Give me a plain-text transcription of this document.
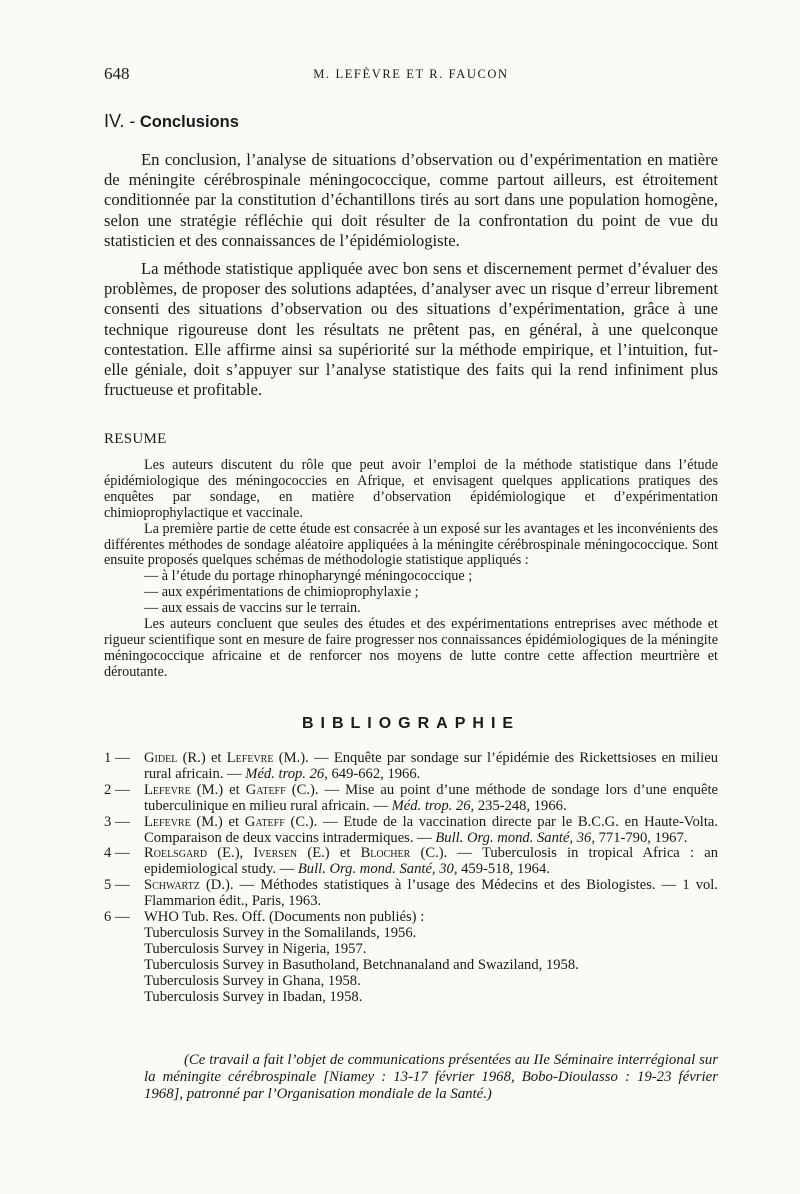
648	M. LEFÈVRE ET R. FAUCON
IV. - Conclusions

En conclusion, l’analyse de situations d’observation ou d’expérimentation en matière de méningite cérébrospinale méningococcique, comme partout ailleurs, est étroitement conditionnée par la constitution d’échantillons tirés au sort dans une population homogène, selon une stratégie réfléchie qui doit résulter de la confrontation du point de vue du statisticien et des connaissances de l’épidémiologiste.

La méthode statistique appliquée avec bon sens et discernement permet d’évaluer des problèmes, de proposer des solutions adaptées, d’analyser avec un risque d’erreur librement consenti des situations d’observation ou des situations d’expérimentation, grâce à une technique rigoureuse dont les résultats ne prêtent pas, en général, à une quelconque contestation. Elle affirme ainsi sa supériorité sur la méthode empirique, et l’intuition, fut-elle géniale, doit s’appuyer sur l’analyse statistique des faits qui la rend infiniment plus fructueuse et profitable.

RESUME

Les auteurs discutent du rôle que peut avoir l’emploi de la méthode statistique dans l’étude épidémiologique des méningococcies en Afrique, et envisagent quelques applications pratiques des enquêtes par sondage, en matière d’observation épidémiologique et d’expérimentation chimioprophylactique et vaccinale.

La première partie de cette étude est consacrée à un exposé sur les avantages et les inconvénients des différentes méthodes de sondage aléatoire appliquées à la méningite cérébrospinale méningococcique. Sont ensuite proposés quelques schémas de méthodologie statistique appliqués :

— à l’étude du portage rhinopharyngé méningococcique ;

— aux expérimentations de chimioprophylaxie ;

— aux essais de vaccins sur le terrain.

Les auteurs concluent que seules des études et des expérimentations entreprises avec méthode et rigueur scientifique sont en mesure de faire progresser nos connaissances épidémiologiques de la méningite méningococcique africaine et de renforcer nos moyens de lutte contre cette affection meurtrière et déroutante.

BIBLIOGRAPHIE
1 — Gidel (R.) et Lefevre (M.). — Enquête par sondage sur l’épidémie des Rickettsioses en milieu rural africain. — Méd. trop. 26, 649-662, 1966.
2 — Lefevre (M.) et Gateff (C.). — Mise au point d’une méthode de sondage lors d’une enquête tuberculinique en milieu rural africain. — Méd. trop. 26, 235-248, 1966.
3 — Lefevre (M.) et Gateff (C.). — Etude de la vaccination directe par le B.C.G. en Haute-Volta. Comparaison de deux vaccins intradermiques. — Bull. Org. mond. Santé, 36, 771-790, 1967.
4 — Roelsgard (E.), Iversen (E.) et Blocher (C.). — Tuberculosis in tropical Africa : an epidemiological study. — Bull. Org. mond. Santé, 30, 459-518, 1964.
5 — Schwartz (D.). — Méthodes statistiques à l’usage des Médecins et des Biologistes. — 1 vol. Flammarion édit., Paris, 1963.
6 — WHO Tub. Res. Off. (Documents non publiés) :
Tuberculosis Survey in the Somalilands, 1956.
Tuberculosis Survey in Nigeria, 1957.
Tuberculosis Survey in Basutholand, Betchnanaland and Swaziland, 1958.
Tuberculosis Survey in Ghana, 1958.
Tuberculosis Survey in Ibadan, 1958.
(Ce travail a fait l’objet de communications présentées au IIe Séminaire interrégional sur la méningite cérébrospinale [Niamey : 13-17 février 1968, Bobo-Dioulasso : 19-23 février 1968], patronné par l’Organisation mondiale de la Santé.)
